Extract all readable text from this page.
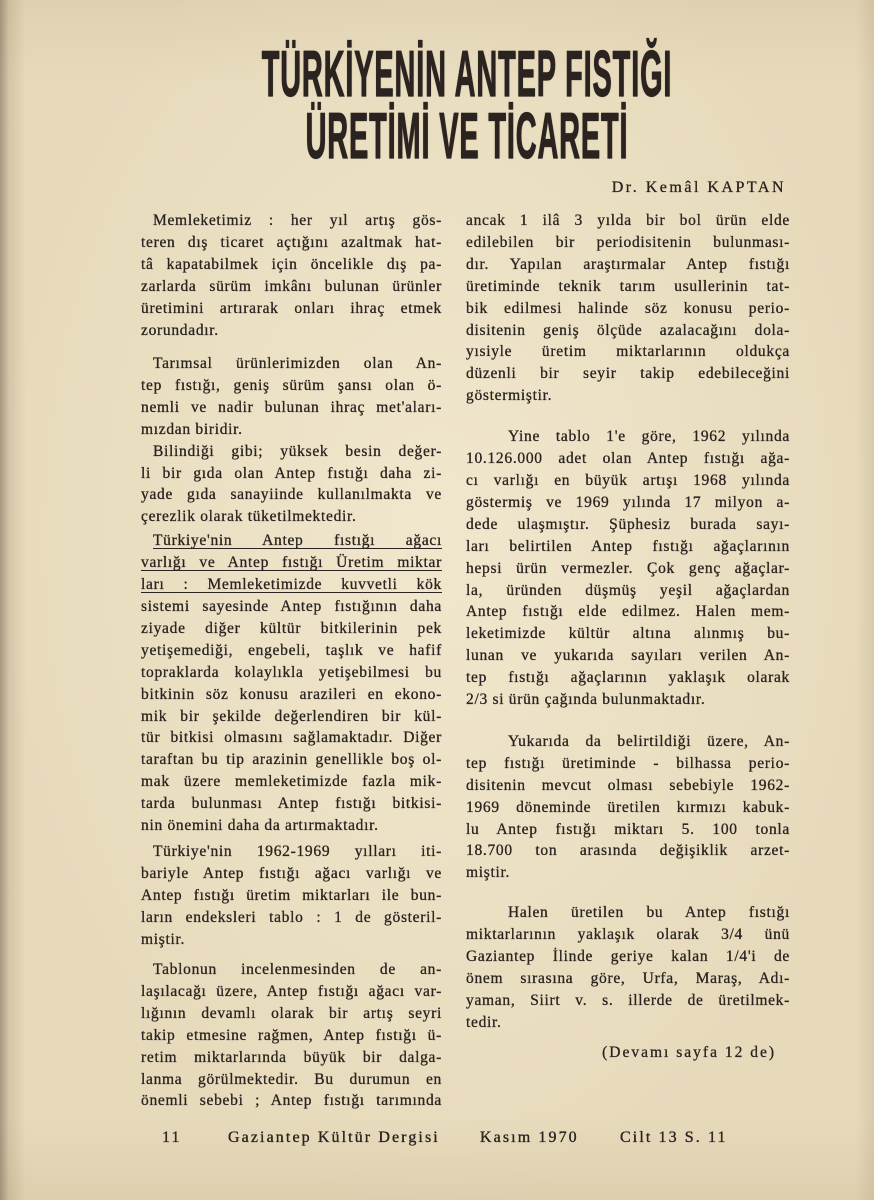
TÜRKİYENİN ANTEP FISTIĞI
ÜRETİMİ VE TİCARETİ
Dr. Kemâl KAPTAN
Memleketimiz : her yıl artış gös-
teren dış ticaret açtığını azaltmak hat-
tâ kapatabilmek için öncelikle dış pa-
zarlarda sürüm imkânı bulunan ürünler
üretimini artırarak onları ihraç etmek
zorundadır.
Tarımsal ürünlerimizden olan An-
tep fıstığı, geniş sürüm şansı olan ö-
nemli ve nadir bulunan ihraç met'aları-
mızdan biridir.
Bilindiği gibi; yüksek besin değer-
li bir gıda olan Antep fıstığı daha zi-
yade gıda sanayiinde kullanılmakta ve
çerezlik olarak tüketilmektedir.
Türkiye'nin Antep fıstığı ağacı
varlığı ve Antep fıstığı Üretim miktar
ları : Memleketimizde kuvvetli kök
sistemi sayesinde Antep fıstığının daha
ziyade diğer kültür bitkilerinin pek
yetişemediği, engebeli, taşlık ve hafif
topraklarda kolaylıkla yetişebilmesi bu
bitkinin söz konusu arazileri en ekono-
mik bir şekilde değerlendiren bir kül-
tür bitkisi olmasını sağlamaktadır. Diğer
taraftan bu tip arazinin genellikle boş ol-
mak üzere memleketimizde fazla mik-
tarda bulunması Antep fıstığı bitkisi-
nin önemini daha da artırmaktadır.
Türkiye'nin 1962-1969 yılları iti-
bariyle Antep fıstığı ağacı varlığı ve
Antep fıstığı üretim miktarları ile bun-
ların endeksleri tablo : 1 de gösteril-
miştir.
Tablonun incelenmesinden de an-
laşılacağı üzere, Antep fıstığı ağacı var-
lığının devamlı olarak bir artış seyri
takip etmesine rağmen, Antep fıstığı ü-
retim miktarlarında büyük bir dalga-
lanma görülmektedir. Bu durumun en
önemli sebebi ; Antep fıstığı tarımında
ancak 1 ilâ 3 yılda bir bol ürün elde
edilebilen bir periodisitenin bulunması-
dır. Yapılan araştırmalar Antep fıstığı
üretiminde teknik tarım usullerinin tat-
bik edilmesi halinde söz konusu perio-
disitenin geniş ölçüde azalacağını dola-
yısiyle üretim miktarlarının oldukça
düzenli bir seyir takip edebileceğini
göstermiştir.
Yine tablo 1'e göre, 1962 yılında
10.126.000 adet olan Antep fıstığı ağa-
cı varlığı en büyük artışı 1968 yılında
göstermiş ve 1969 yılında 17 milyon a-
dede ulaşmıştır. Şüphesiz burada sayı-
ları belirtilen Antep fıstığı ağaçlarının
hepsi ürün vermezler. Çok genç ağaçlar-
la, üründen düşmüş yeşil ağaçlardan
Antep fıstığı elde edilmez. Halen mem-
leketimizde kültür altına alınmış bu-
lunan ve yukarıda sayıları verilen An-
tep fıstığı ağaçlarının yaklaşık olarak
2/3 si ürün çağında bulunmaktadır.
Yukarıda da belirtildiği üzere, An-
tep fıstığı üretiminde - bilhassa perio-
disitenin mevcut olması sebebiyle 1962-
1969 döneminde üretilen kırmızı kabuk-
lu Antep fıstığı miktarı 5. 100 tonla
18.700 ton arasında değişiklik arzet-
miştir.
Halen üretilen bu Antep fıstığı
miktarlarının yaklaşık olarak 3/4 ünü
Gaziantep İlinde geriye kalan 1/4'i de
önem sırasına göre, Urfa, Maraş, Adı-
yaman, Siirt v. s. illerde de üretilmek-
tedir.
(Devamı sayfa 12 de)
11	Gaziantep Kültür Dergisi	Kasım 1970	Cilt 13 S. 11
